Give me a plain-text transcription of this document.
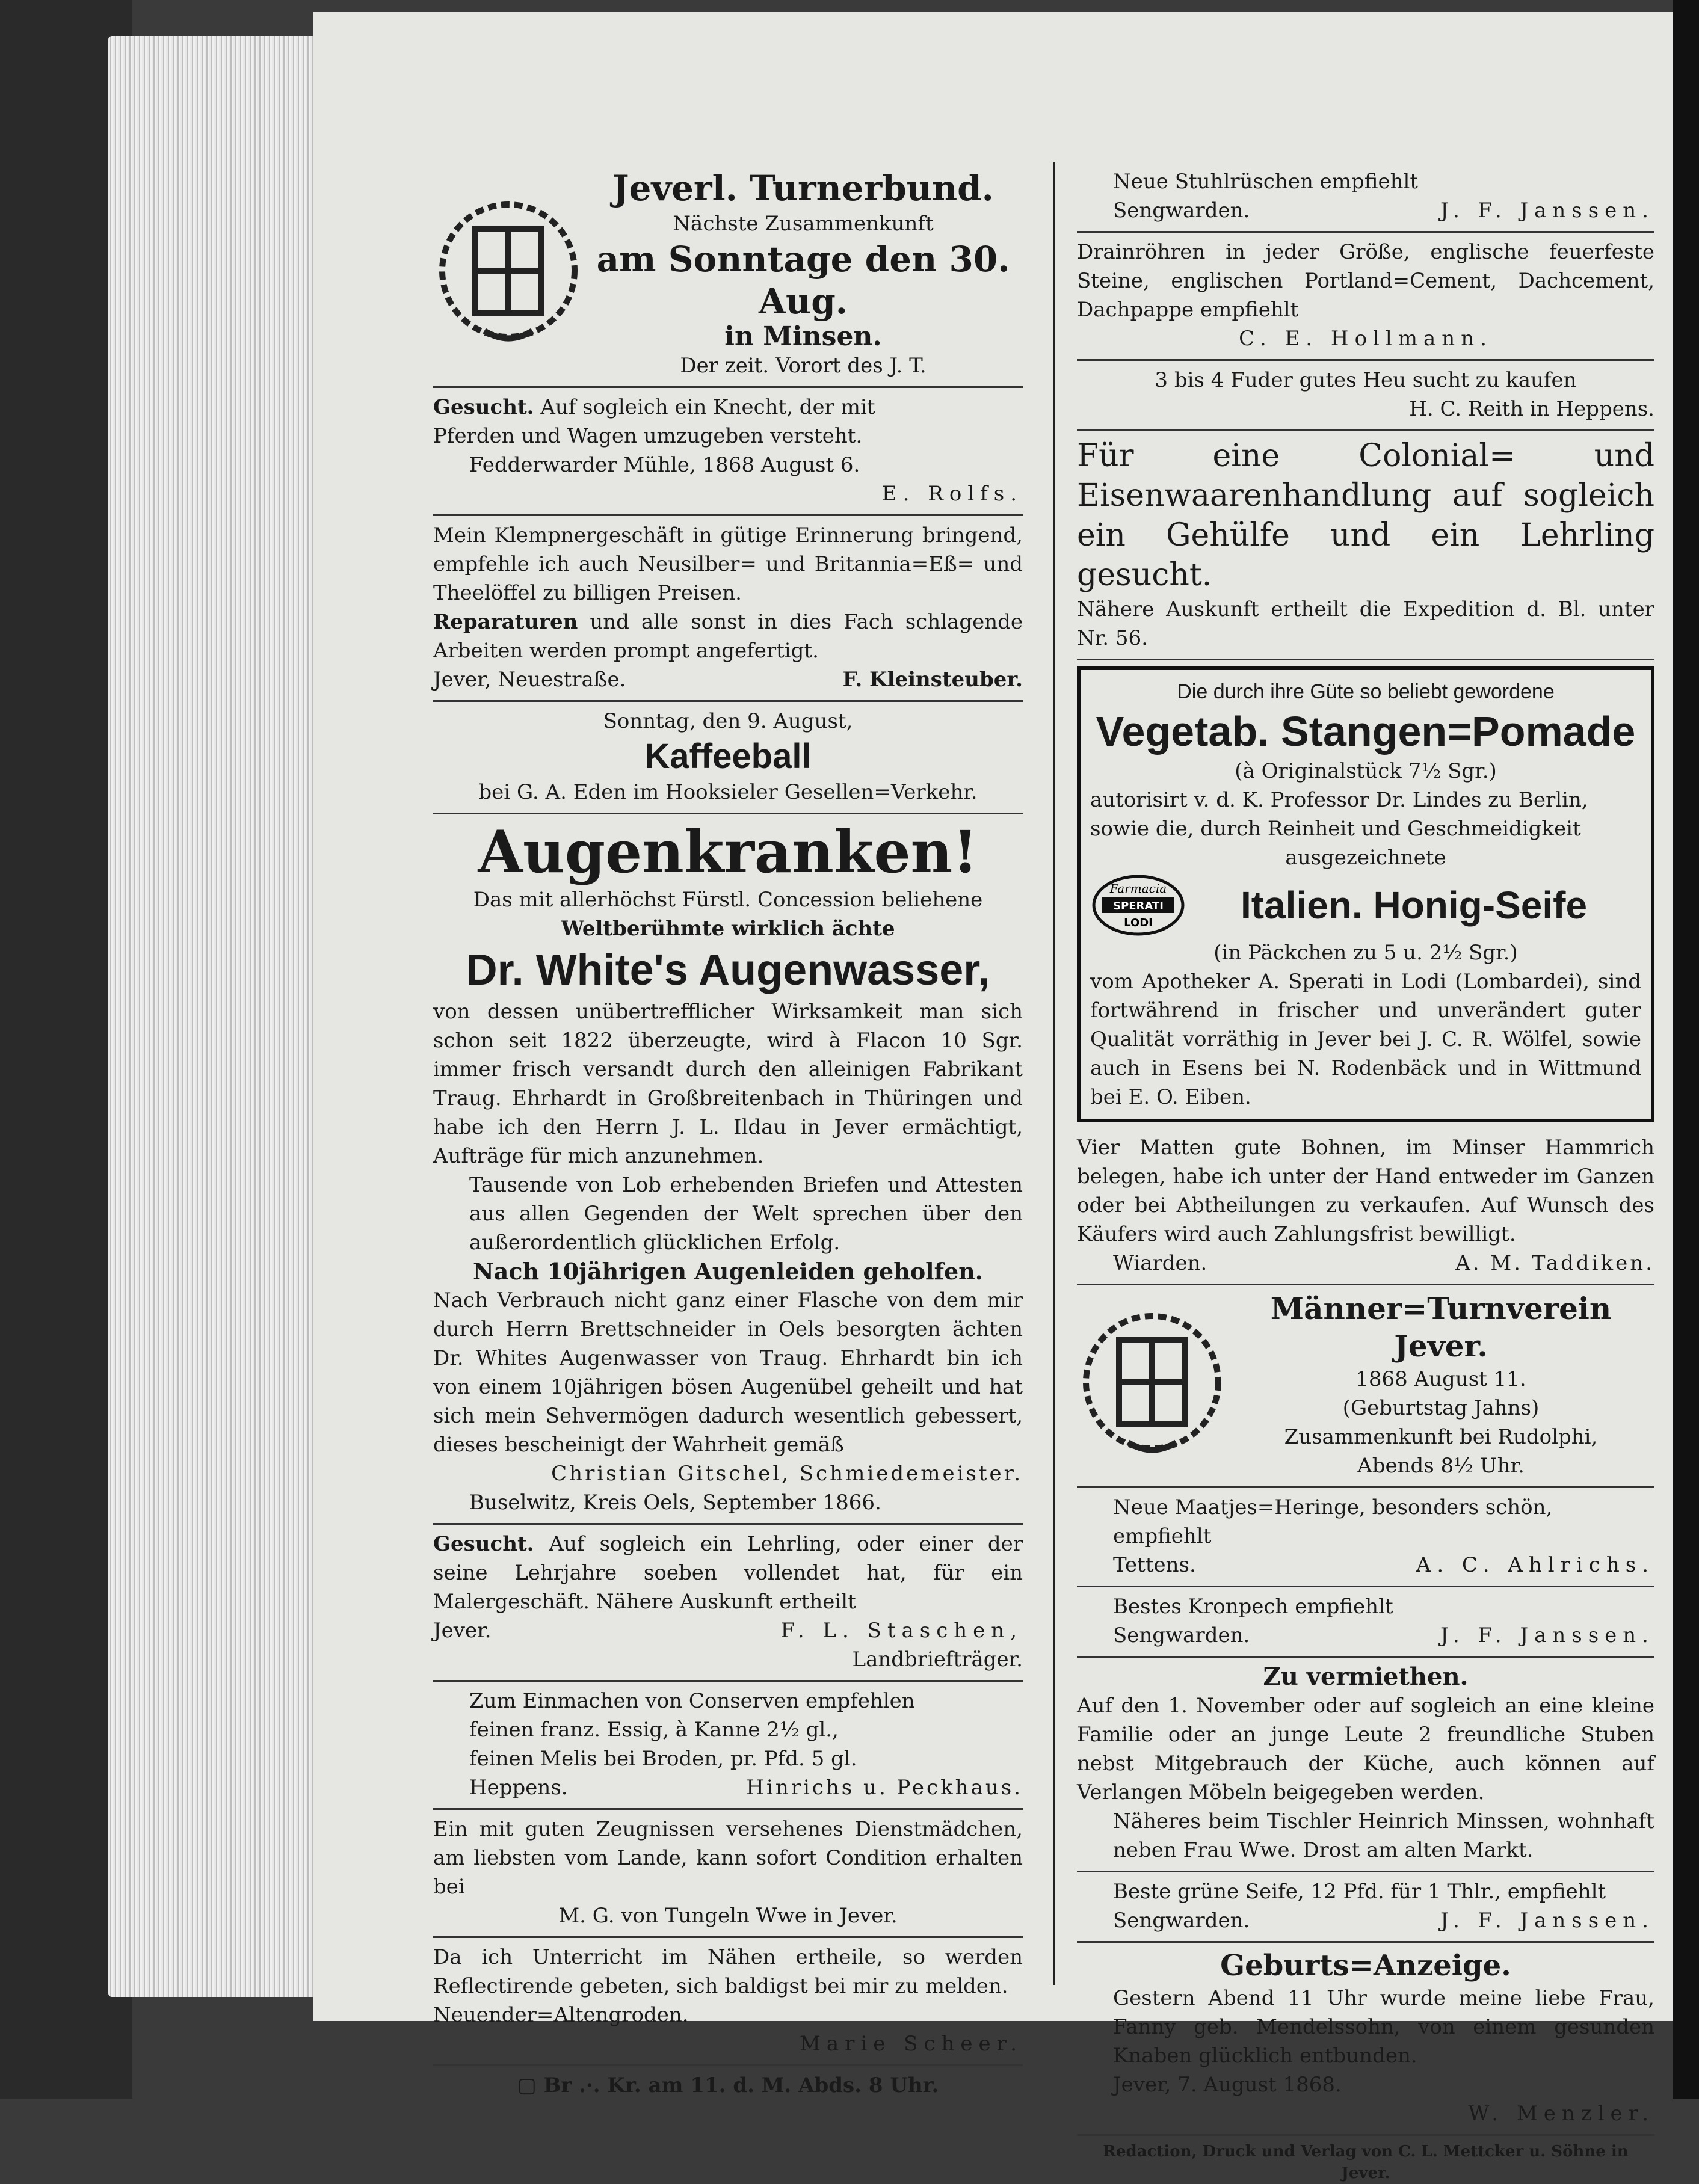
Jeverl. Turnerbund.
Nächste Zusammenkunft
am Sonntage den 30. Aug.
in Minsen.
Der zeit. Vorort des J. T.
Gesucht. Auf sogleich ein Knecht, der mit
Pferden und Wagen umzugeben versteht.
Fedderwarder Mühle, 1868 August 6.
E. Rolfs.
Mein Klempnergeschäft in gütige Erinnerung bringend, empfehle ich auch Neusilber= und Britannia=Eß= und Theelöffel zu billigen Preisen.
Reparaturen und alle sonst in dies Fach schlagende Arbeiten werden prompt angefertigt.
Jever, Neuestraße.	F. Kleinsteuber.
Sonntag, den 9. August,
Kaffeeball
bei G. A. Eden im Hooksieler Gesellen=Verkehr.
Augenkranken!
Das mit allerhöchst Fürstl. Concession beliehene
Weltberühmte wirklich ächte
Dr. White's Augenwasser,
von dessen unübertrefflicher Wirksamkeit man sich schon seit 1822 überzeugte, wird à Flacon 10 Sgr. immer frisch versandt durch den alleinigen Fabrikant Traug. Ehrhardt in Großbreitenbach in Thüringen und habe ich den Herrn J. L. Ildau in Jever ermächtigt, Aufträge für mich anzunehmen.
Tausende von Lob erhebenden Briefen und Attesten aus allen Gegenden der Welt sprechen über den außerordentlich glücklichen Erfolg.
Nach 10jährigen Augenleiden geholfen.
Nach Verbrauch nicht ganz einer Flasche von dem mir durch Herrn Brettschneider in Oels besorgten ächten Dr. Whites Augenwasser von Traug. Ehrhardt bin ich von einem 10jährigen bösen Augenübel geheilt und hat sich mein Sehvermögen dadurch wesentlich gebessert, dieses bescheinigt der Wahrheit gemäß
Christian Gitschel, Schmiedemeister.
Buselwitz, Kreis Oels, September 1866.
Gesucht. Auf sogleich ein Lehrling, oder einer der seine Lehrjahre soeben vollendet hat, für ein Malergeschäft. Nähere Auskunft ertheilt
Jever.	F. L. Staschen,
Landbriefträger.
Zum Einmachen von Conserven empfehlen
feinen franz. Essig, à Kanne 2½ gl.,
feinen Melis bei Broden, pr. Pfd. 5 gl.
Heppens.	Hinrichs u. Peckhaus.
Ein mit guten Zeugnissen versehenes Dienstmädchen, am liebsten vom Lande, kann sofort Condition erhalten bei
M. G. von Tungeln Wwe in Jever.
Da ich Unterricht im Nähen ertheile, so werden Reflectirende gebeten, sich baldigst bei mir zu melden.
Neuender=Altengroden.
Marie Scheer.
▢ Br .·. Kr. am 11. d. M. Abds. 8 Uhr.
Neue Stuhlrüschen empfiehlt
Sengwarden.	J. F. Janssen.
Drainröhren in jeder Größe, englische feuerfeste Steine, englischen Portland=Cement, Dachcement, Dachpappe empfiehlt
C. E. Hollmann.
3 bis 4 Fuder gutes Heu sucht zu kaufen
H. C. Reith in Heppens.
Für eine Colonial= und Eisenwaarenhandlung auf sogleich ein Gehülfe und ein Lehrling gesucht.
Nähere Auskunft ertheilt die Expedition d. Bl. unter Nr. 56.
Die durch ihre Güte so beliebt gewordene
Vegetab. Stangen=Pomade
(à Originalstück 7½ Sgr.)
autorisirt v. d. K. Professor Dr. Lindes zu Berlin,
sowie die, durch Reinheit und Geschmeidigkeit
ausgezeichnete
Farmacia
SPERATI
LODI	Italien. Honig-Seife
(in Päckchen zu 5 u. 2½ Sgr.)
vom Apotheker A. Sperati in Lodi (Lombardei), sind fortwährend in frischer und unverändert guter Qualität vorräthig in Jever bei J. C. R. Wölfel, sowie auch in Esens bei N. Rodenbäck und in Wittmund bei E. O. Eiben.
Vier Matten gute Bohnen, im Minser Hammrich belegen, habe ich unter der Hand entweder im Ganzen oder bei Abtheilungen zu verkaufen. Auf Wunsch des Käufers wird auch Zahlungsfrist bewilligt.
Wiarden.	A. M. Taddiken.
Männer=Turnverein
Jever.
1868 August 11.
(Geburtstag Jahns)
Zusammenkunft bei Rudolphi,
Abends 8½ Uhr.
Neue Maatjes=Heringe, besonders schön, empfiehlt
Tettens.	A. C. Ahlrichs.
Bestes Kronpech empfiehlt
Sengwarden.	J. F. Janssen.
Zu vermiethen.
Auf den 1. November oder auf sogleich an eine kleine Familie oder an junge Leute 2 freundliche Stuben nebst Mitgebrauch der Küche, auch können auf Verlangen Möbeln beigegeben werden.
Näheres beim Tischler Heinrich Minssen, wohnhaft neben Frau Wwe. Drost am alten Markt.
Beste grüne Seife, 12 Pfd. für 1 Thlr., empfiehlt
Sengwarden.	J. F. Janssen.
Geburts=Anzeige.
Gestern Abend 11 Uhr wurde meine liebe Frau, Fanny geb. Mendelssohn, von einem gesunden Knaben glücklich entbunden.
Jever, 7. August 1868.
W. Menzler.
Redaction, Druck und Verlag von C. L. Mettcker u. Söhne in Jever.
